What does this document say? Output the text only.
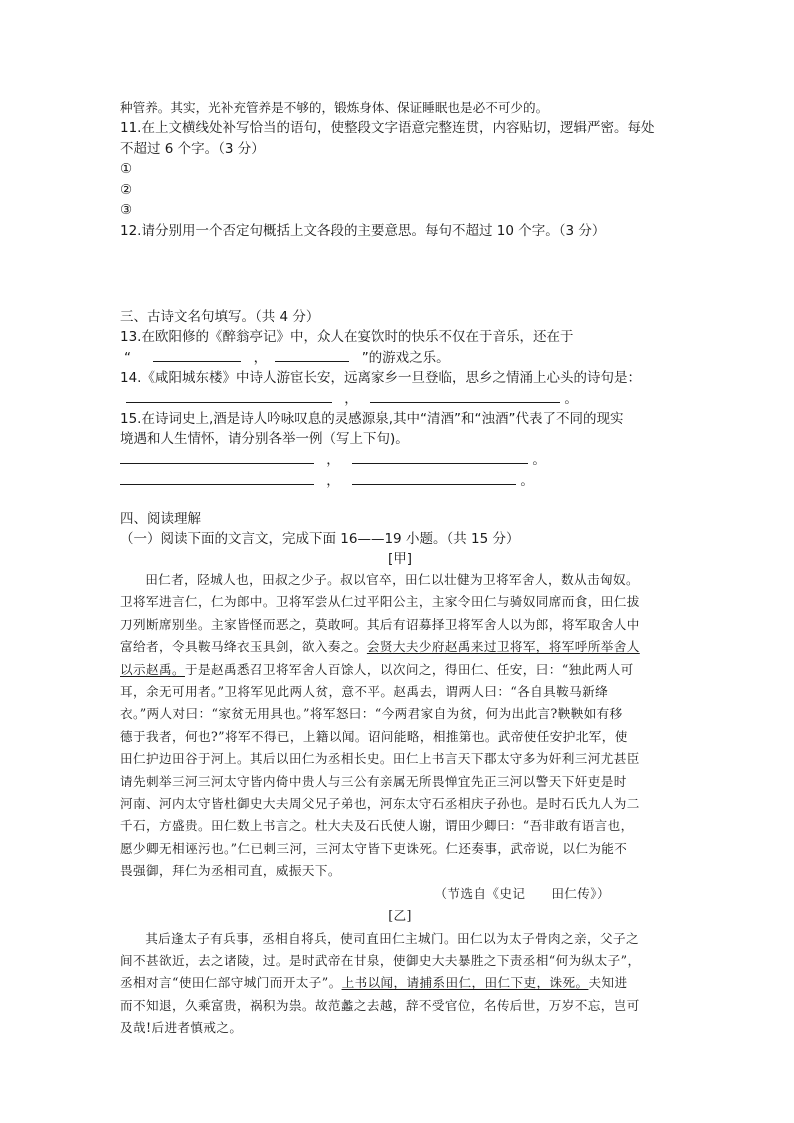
种管养。其实，光补充管养是不够的，锻炼身体、保证睡眠也是必不可少的。
11.在上文横线处补写恰当的语句，使整段文字语意完整连贯，内容贴切，逻辑严密。每处
不超过 6 个字。（3 分）
①
②
③
12.请分别用一个否定句概括上文各段的主要意思。每句不超过 10 个字。（3 分）
三、古诗文名句填写。（共 4 分）
13.在欧阳修的《醉翁亭记》中，众人在宴饮时的快乐不仅在于音乐，还在于
“	，	”的游戏之乐。
14.《咸阳城东楼》中诗人游宦长安，远离家乡一旦登临，思乡之情涌上心头的诗句是：
，	。
15.在诗词史上,酒是诗人吟咏叹息的灵感源泉,其中“清酒”和“浊酒”代表了不同的现实
境遇和人生情怀，请分别各举一例（写上下句)。
，	。
，	。
四、阅读理解
（一）阅读下面的文言文，完成下面 16——19 小题。（共 15 分）
[甲]
田仁者，陉城人也，田叔之少子。叔以官卒，田仁以壮健为卫将军舍人，数从击匈奴。
卫将军进言仁，仁为郎中。卫将军尝从仁过平阳公主，主家令田仁与骑奴同席而食，田仁拔
刀列断席别坐。主家皆怪而恶之，莫敢呵。其后有诏募择卫将军舍人以为郎，将军取舍人中
富给者，令具鞍马绛衣玉具剑，欲入奏之。会贤大夫少府赵禹来过卫将军，将军呼所举舍人
以示赵禹。于是赵禹悉召卫将军舍人百馀人，以次问之，得田仁、任安，曰：“独此两人可
耳，余无可用者。”卫将军见此两人贫，意不平。赵禹去，谓两人曰：“各自具鞍马新绛
衣。”两人对曰：“家贫无用具也。”将军怒曰：“今两君家自为贫，何为出此言?鞅鞅如有移
德于我者，何也?”将军不得已，上籍以闻。诏问能略，相推第也。武帝使任安护北军，使
田仁护边田谷于河上。其后以田仁为丞相长史。田仁上书言天下郡太守多为奸利三河尤甚臣
请先刺举三河三河太守皆内倚中贵人与三公有亲属无所畏惮宜先正三河以警天下奸吏是时
河南、河内太守皆杜御史大夫周父兄子弟也，河东太守石丞相庆子孙也。是时石氏九人为二
千石，方盛贵。田仁数上书言之。杜大夫及石氏使人谢，谓田少卿曰：“吾非敢有语言也，
愿少卿无相诬污也。”仁已刺三河，三河太守皆下吏诛死。仁还奏事，武帝说，以仁为能不
畏强御，拜仁为丞相司直，威振天下。
（节选自《史记　　田仁传》）
[乙]
其后逢太子有兵事，丞相自将兵，使司直田仁主城门。田仁以为太子骨肉之亲，父子之
间不甚欲近，去之诸陵，过。是时武帝在甘泉，使御史大夫暴胜之下责丞相“何为纵太子”，
丞相对言“使田仁部守城门而开太子”。上书以闻，请捕系田仁，田仁下吏，诛死。夫知进
而不知退，久乘富贵，祸积为祟。故范蠡之去越，辞不受官位，名传后世，万岁不忘，岂可
及哉!后进者慎戒之。
